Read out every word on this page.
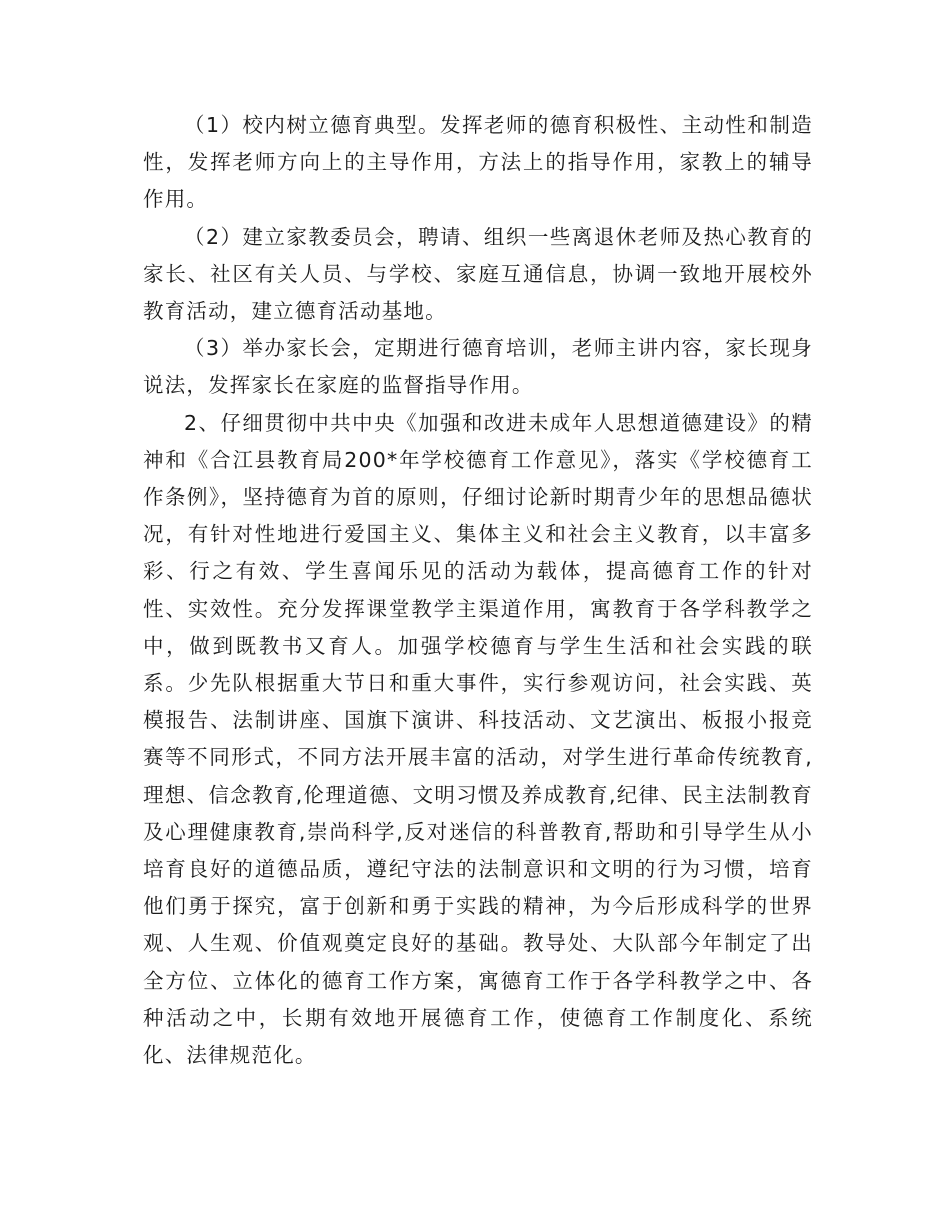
（1）校内树立德育典型。发挥老师的德育积极性、主动性和制造性，发挥老师方向上的主导作用，方法上的指导作用，家教上的辅导作用。

（2）建立家教委员会，聘请、组织一些离退休老师及热心教育的家长、社区有关人员、与学校、家庭互通信息，协调一致地开展校外教育活动，建立德育活动基地。

（3）举办家长会，定期进行德育培训，老师主讲内容，家长现身说法，发挥家长在家庭的监督指导作用。

2、仔细贯彻中共中央《加强和改进未成年人思想道德建设》的精神和《合江县教育局200*年学校德育工作意见》，落实《学校德育工作条例》，坚持德育为首的原则，仔细讨论新时期青少年的思想品德状况，有针对性地进行爱国主义、集体主义和社会主义教育，以丰富多彩、行之有效、学生喜闻乐见的活动为载体，提高德育工作的针对性、实效性。充分发挥课堂教学主渠道作用，寓教育于各学科教学之中，做到既教书又育人。加强学校德育与学生生活和社会实践的联系。少先队根据重大节日和重大事件，实行参观访问，社会实践、英模报告、法制讲座、国旗下演讲、科技活动、文艺演出、板报小报竞赛等不同形式，不同方法开展丰富的活动，对学生进行革命传统教育,理想、信念教育,伦理道德、文明习惯及养成教育,纪律、民主法制教育及心理健康教育,崇尚科学,反对迷信的科普教育,帮助和引导学生从小培育良好的道德品质，遵纪守法的法制意识和文明的行为习惯，培育他们勇于探究，富于创新和勇于实践的精神，为今后形成科学的世界观、人生观、价值观奠定良好的基础。教导处、大队部今年制定了出全方位、立体化的德育工作方案，寓德育工作于各学科教学之中、各种活动之中，长期有效地开展德育工作，使德育工作制度化、系统化、法律规范化。
